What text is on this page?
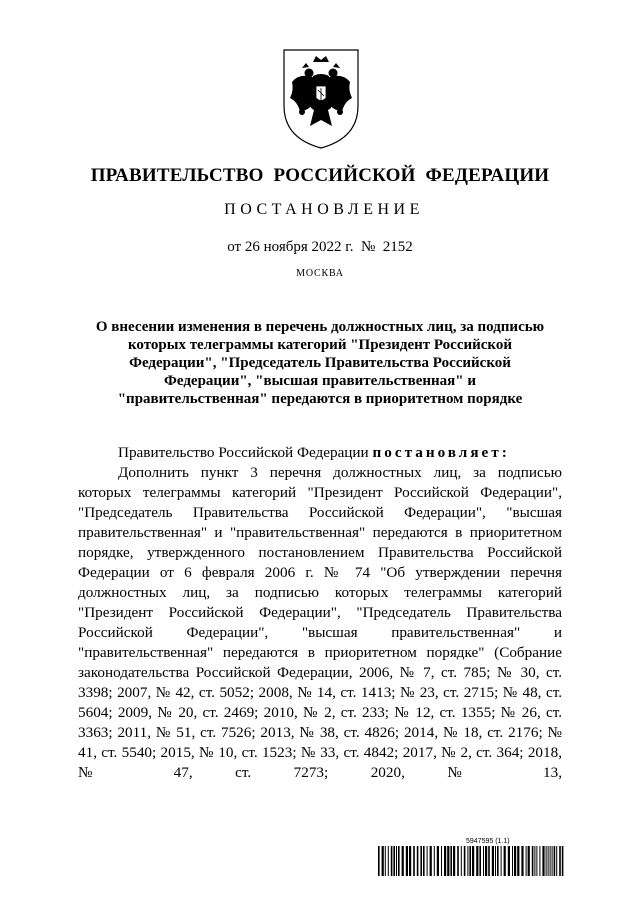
ПРАВИТЕЛЬСТВО  РОССИЙСКОЙ  ФЕДЕРАЦИИ
ПОСТАНОВЛЕНИЕ
от 26 ноября 2022 г.  №  2152
МОСКВА
О внесении изменения в перечень должностных лиц, за подписью которых телеграммы категорий "Президент Российской Федерации", "Председатель Правительства Российской Федерации", "высшая правительственная" и "правительственная" передаются в приоритетном порядке

Правительство Российской Федерации постановляет:

Дополнить пункт 3 перечня должностных лиц, за подписью которых телеграммы категорий "Президент Российской Федерации", "Председатель Правительства Российской Федерации", "высшая правительственная" и "правительственная" передаются в приоритетном порядке, утвержденного постановлением Правительства Российской Федерации от 6 февраля 2006 г. № 74 "Об утверждении перечня должностных лиц, за подписью которых телеграммы категорий "Президент Российской Федерации", "Председатель Правительства Российской Федерации", "высшая правительственная" и "правительственная" передаются в приоритетном порядке" (Собрание законодательства Российской Федерации, 2006, № 7, ст. 785; № 30, ст. 3398; 2007, № 42, ст. 5052; 2008, № 14, ст. 1413; № 23, ст. 2715; № 48, ст. 5604; 2009, № 20, ст. 2469; 2010, № 2, ст. 233; № 12, ст. 1355; № 26, ст. 3363; 2011, № 51, ст. 7526; 2013, № 38, ст. 4826; 2014, № 18, ст. 2176; № 41, ст. 5540; 2015, № 10, ст. 1523; № 33, ст. 4842; 2017, № 2, ст. 364; 2018, № 47, ст. 7273; 2020, № 13,

5947595 (1.1)
